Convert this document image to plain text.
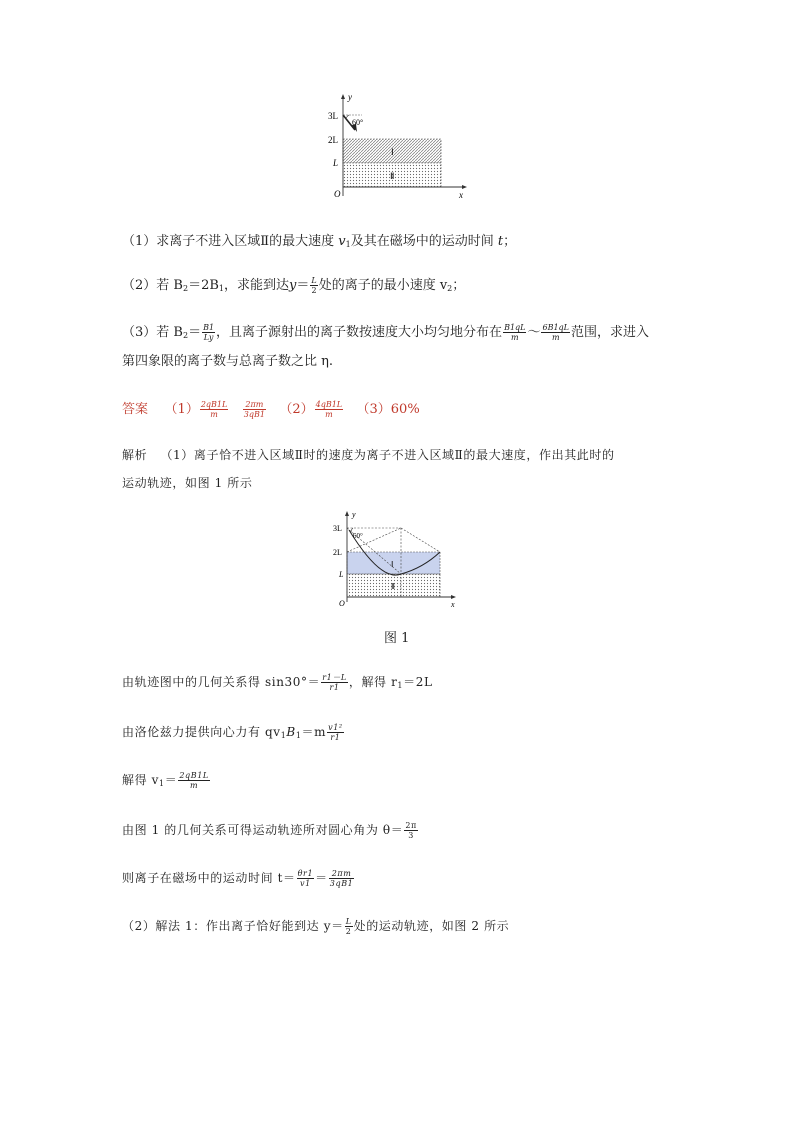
y
x
O
3L
2L
L
60°
Ⅰ
Ⅱ
（1）求离子不进入区域Ⅱ的最大速度 $v_1$及其在磁场中的运动时间 t；
（2）若 $B_2=2B_1$，求能到达$y= \frac{L}{2}$ 处的离子的最小速度 $v_2$；
（3）若 $B_2= \frac{B1}{Ly}$ ，且离子源射出的离子数按速度大小均匀地分布在 $\frac{B1qL}{m}$ ～ $\frac{6B1qL}{m}$ 范围，求进入
第四象限的离子数与总离子数之比 η.
答案 $(1) \frac{2qB1L}{m}$
$\frac{2\pi m}{3qB1} (2) \frac{4qB1L}{m} (3)60\%$
解析 （1）离子恰不进入区域Ⅱ时的速度为离子不进入区域Ⅱ的最大速度，作出其此时的
运动轨迹，如图 1 所示
y
x
O
3L
2L
L
60°
Ⅰ
Ⅱ
图 1
由轨迹图中的几何关系得 $\sin 30^\circ= \frac{r1-L}{r1}$ ，解得 $r_1=2L$
由洛伦兹力提供向心力有 $qv_1B_1=m \frac{\text{v1²}}{r1}$
解得 $v_1= \frac{2qB1L}{m}$
由图 1 的几何关系可得运动轨迹所对圆心角为 $\theta= \frac{2\pi}{3}$
则离子在磁场中的运动时间 $t= \frac{\theta r1}{v1} = \frac{2\pi m}{3qB1}$
（2）解法 1：作出离子恰好能到达 $y= \frac{L}{2}$ 处的运动轨迹，如图 2 所示
